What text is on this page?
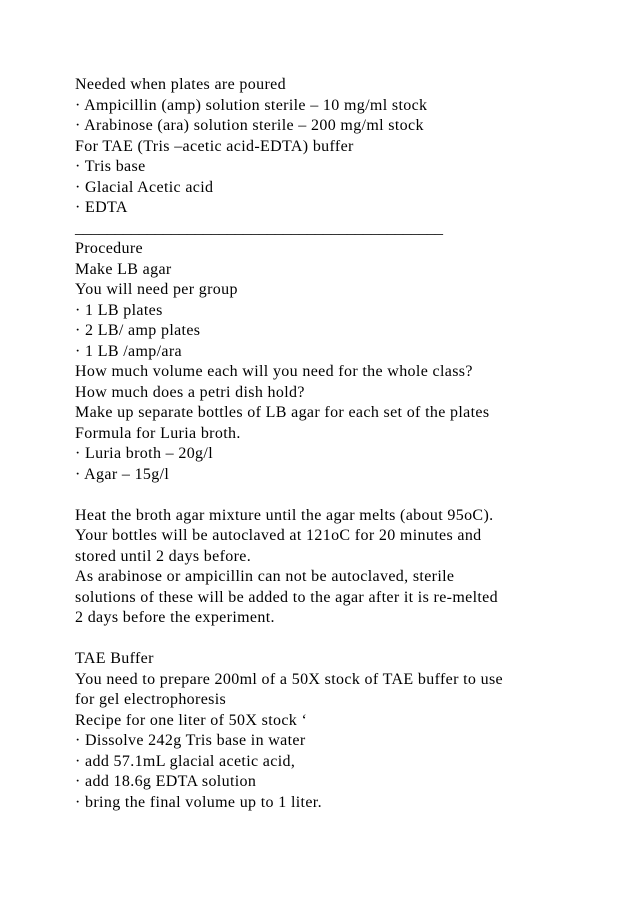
Needed when plates are poured
· Ampicillin (amp) solution sterile – 10 mg/ml stock
· Arabinose (ara) solution sterile – 200 mg/ml stock
For TAE (Tris –acetic acid-EDTA) buffer
· Tris base
· Glacial Acetic acid
· EDTA
______________________________________________
Procedure
Make LB agar
You will need per group
· 1 LB plates
· 2 LB/ amp plates
· 1 LB /amp/ara
How much volume each will you need for the whole class?
How much does a petri dish hold?
Make up separate bottles of LB agar for each set of the plates
Formula for Luria broth.
· Luria broth – 20g/l
· Agar – 15g/l
Heat the broth agar mixture until the agar melts (about 95oC).
Your bottles will be autoclaved at 121oC for 20 minutes and
stored until 2 days before.
As arabinose or ampicillin can not be autoclaved, sterile
solutions of these will be added to the agar after it is re-melted
2 days before the experiment.
TAE Buffer
You need to prepare 200ml of a 50X stock of TAE buffer to use
for gel electrophoresis
Recipe for one liter of 50X stock ‘
· Dissolve 242g Tris base in water
· add 57.1mL glacial acetic acid,
· add 18.6g EDTA solution
· bring the final volume up to 1 liter.
